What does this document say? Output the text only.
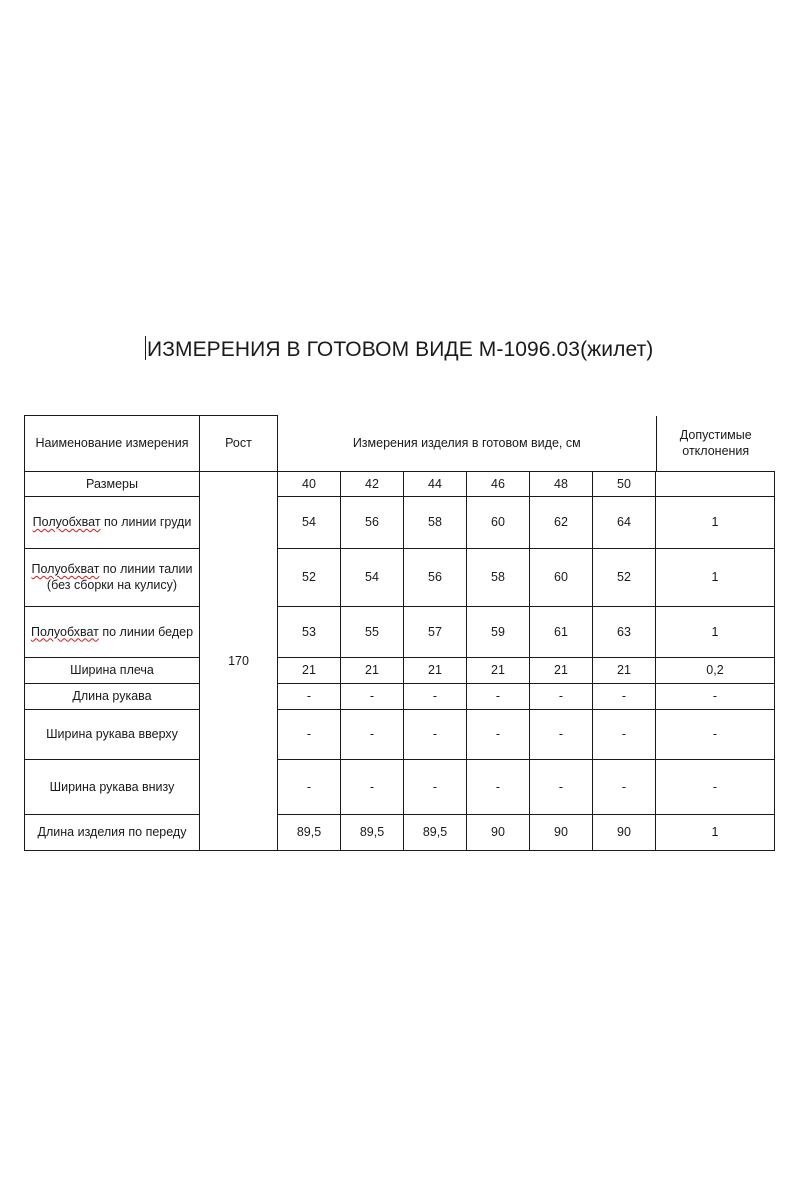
ИЗМЕРЕНИЯ В ГОТОВОМ ВИДЕ М-1096.03(жилет)
Наименование измерения	Рост		Измерения изделия в готовом виде, см	Допустимые отклонения

Размеры	170	40	42	44	46	48	50	
Полуобхват по линии груди	54	56	58	60	62	64	1
Полуобхват по линии талии (без сборки на кулису)	52	54	56	58	60	52	1
Полуобхват по линии бедер	53	55	57	59	61	63	1
Ширина плеча	21	21	21	21	21	21	0,2
Длина рукава	-	-	-	-	-	-	-
Ширина рукава вверху	-	-	-	-	-	-	-
Ширина рукава внизу	-	-	-	-	-	-	-
Длина изделия по переду	89,5	89,5	89,5	90	90	90	1
